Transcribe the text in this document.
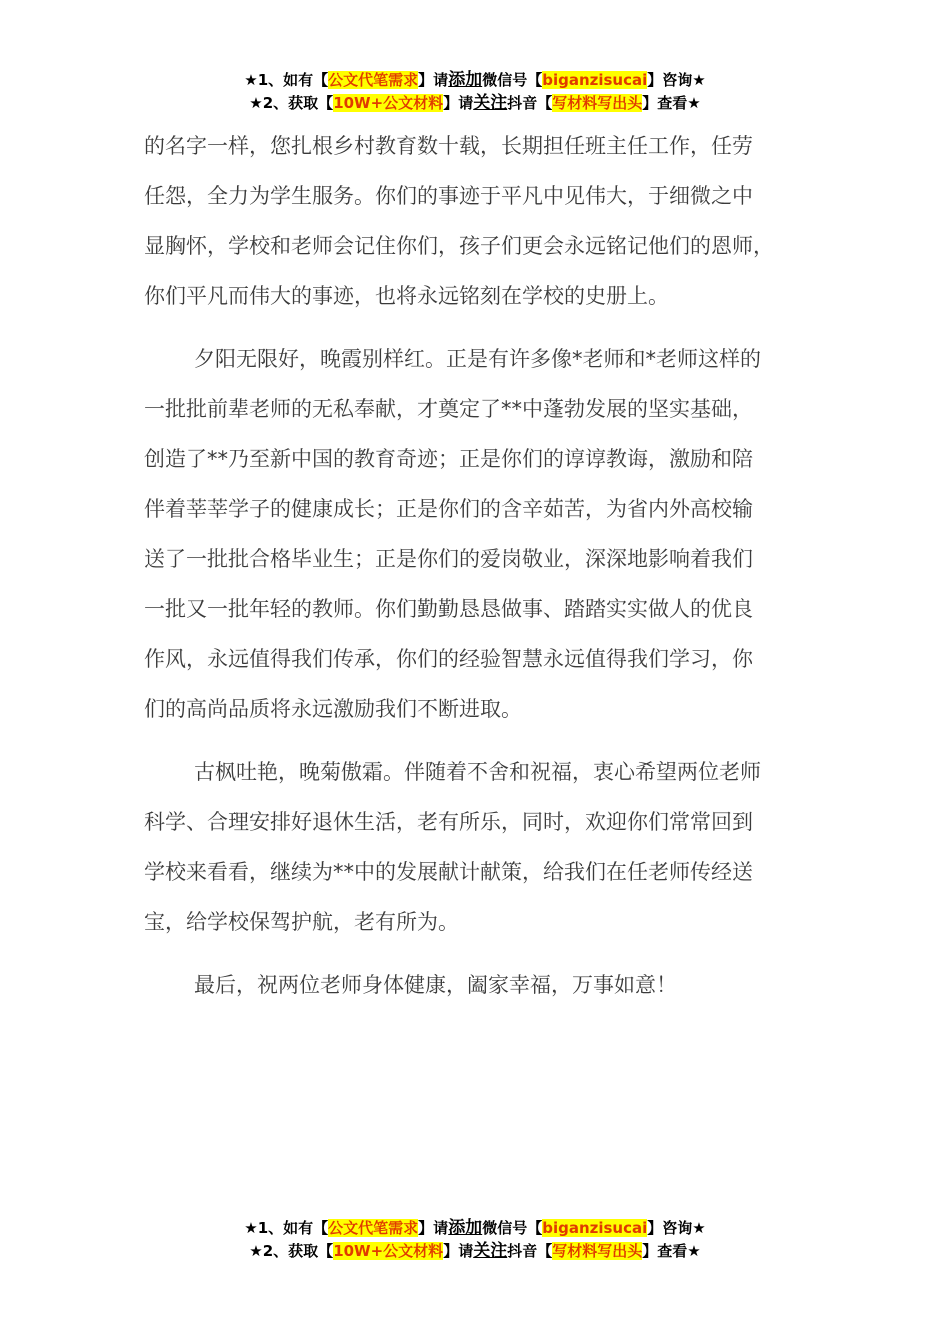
★1、如有【公文代笔需求】请添加微信号【biganzisucai】咨询★
★2、获取【10W+公文材料】请关注抖音【写材料写出头】查看★

的名字一样，您扎根乡村教育数十载，长期担任班主任工作，任劳
任怨，全力为学生服务。你们的事迹于平凡中见伟大，于细微之中
显胸怀，学校和老师会记住你们，孩子们更会永远铭记他们的恩师，
你们平凡而伟大的事迹，也将永远铭刻在学校的史册上。

夕阳无限好，晚霞别样红。正是有许多像*老师和*老师这样的
一批批前辈老师的无私奉献，才奠定了**中蓬勃发展的坚实基础，
创造了**乃至新中国的教育奇迹；正是你们的谆谆教诲，激励和陪
伴着莘莘学子的健康成长；正是你们的含辛茹苦，为省内外高校输
送了一批批合格毕业生；正是你们的爱岗敬业，深深地影响着我们
一批又一批年轻的教师。你们勤勤恳恳做事、踏踏实实做人的优良
作风，永远值得我们传承，你们的经验智慧永远值得我们学习，你
们的高尚品质将永远激励我们不断进取。

古枫吐艳，晚菊傲霜。伴随着不舍和祝福，衷心希望两位老师
科学、合理安排好退休生活，老有所乐，同时，欢迎你们常常回到
学校来看看，继续为**中的发展献计献策，给我们在任老师传经送
宝，给学校保驾护航，老有所为。

最后，祝两位老师身体健康，阖家幸福，万事如意！

★1、如有【公文代笔需求】请添加微信号【biganzisucai】咨询★
★2、获取【10W+公文材料】请关注抖音【写材料写出头】查看★
